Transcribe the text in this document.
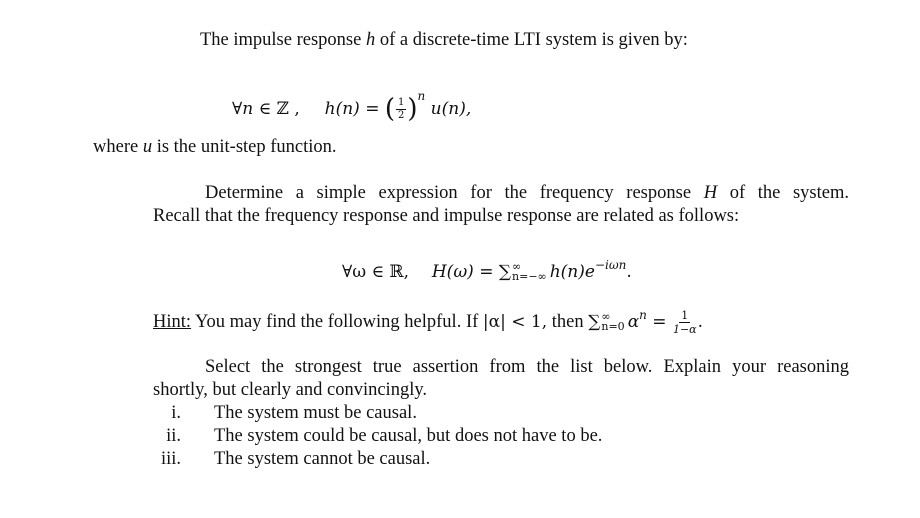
The impulse response h of a discrete-time LTI system is given by:
∀n ∈ ℤ , h(n) = ( $\frac{1}{2} )^n$ u(n),
where u is the unit-step function.
Determine a simple expression for the frequency response H of the system.
Recall that the frequency response and impulse response are related as follows:
∀ω ∈ ℝ, H(ω) = ∑ ∞
n=−∞ $h(n)e^{-i\omega n}$.
Hint: You may find the following helpful. If |α| < 1, then ∑ ∞
n=0 $\alpha^n = \frac{1}{1-\alpha}$ .
Select the strongest true assertion from the list below. Explain your reasoning
shortly, but clearly and convincingly.
i. The system must be causal.
ii. The system could be causal, but does not have to be.
iii. The system cannot be causal.
